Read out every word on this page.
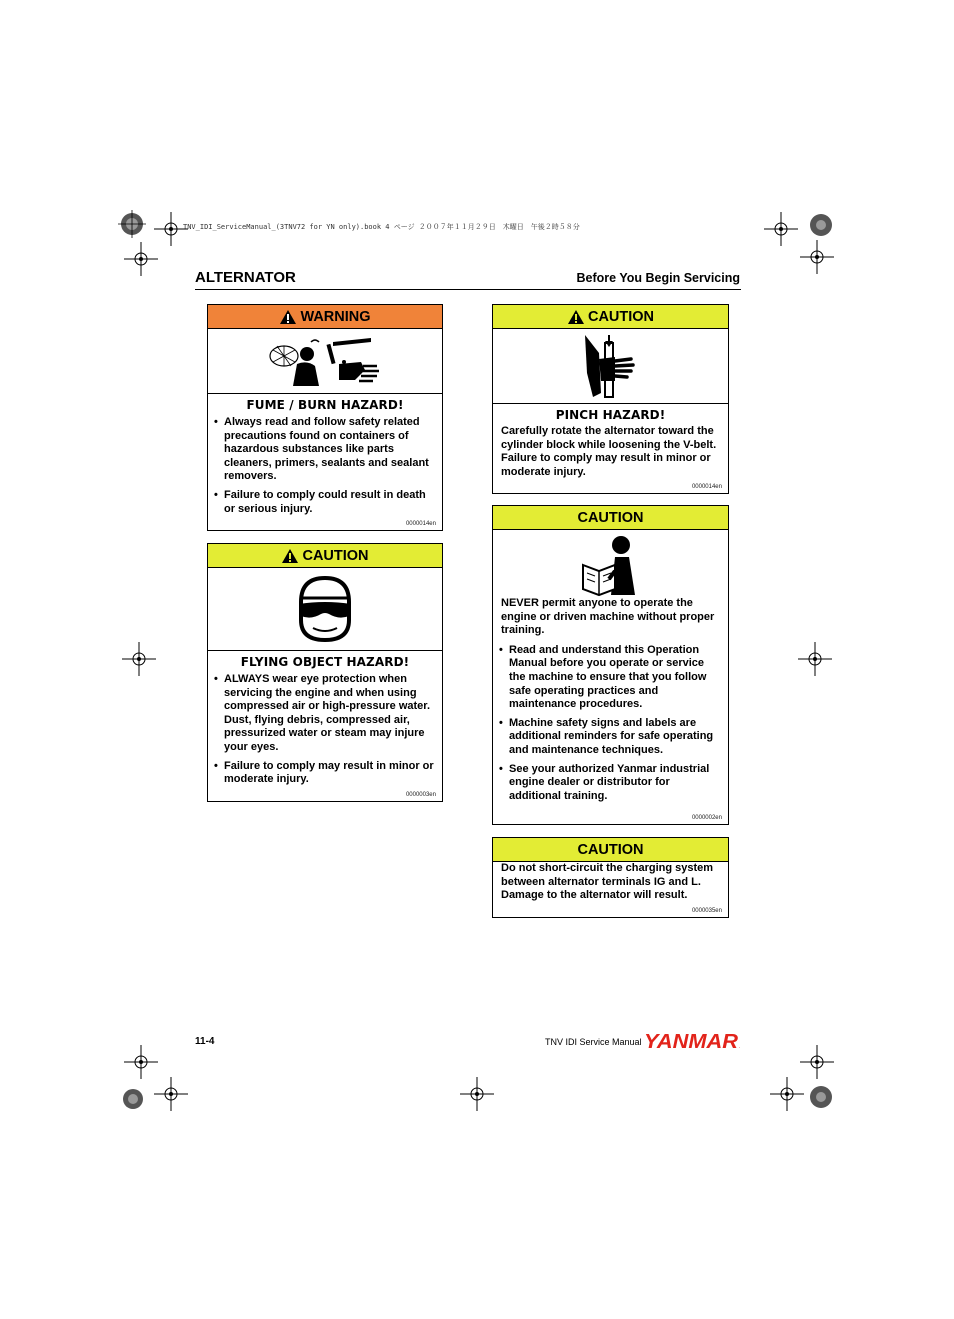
TNV_IDI_ServiceManual_(3TNV72 for YN only).book 4 ページ ２００７年１１月２９日　木曜日　午後２時５８分
ALTERNATOR	Before You Begin Servicing
WARNING
FUME / BURN HAZARD!
• Always read and follow safety related precautions found on containers of hazardous substances like parts cleaners, primers, sealants and sealant removers.
• Failure to comply could result in death or serious injury.
0000014en
CAUTION
FLYING OBJECT HAZARD!
• ALWAYS wear eye protection when servicing the engine and when using compressed air or high-pressure water. Dust, flying debris, compressed air, pressurized water or steam may injure your eyes.
• Failure to comply may result in minor or moderate injury.
0000003en
CAUTION
PINCH HAZARD!
Carefully rotate the alternator toward the cylinder block while loosening the V-belt. Failure to comply may result in minor or moderate injury.
0000014en
CAUTION
NEVER permit anyone to operate the engine or driven machine without proper training.
• Read and understand this Operation Manual before you operate or service the machine to ensure that you follow safe operating practices and maintenance procedures.
• Machine safety signs and labels are additional reminders for safe operating and maintenance techniques.
• See your authorized Yanmar industrial engine dealer or distributor for additional training.
0000002en
CAUTION
Do not short-circuit the charging system between alternator terminals IG and L. Damage to the alternator will result.
0000035en
11-4	TNV IDI Service Manual YANMAR .
